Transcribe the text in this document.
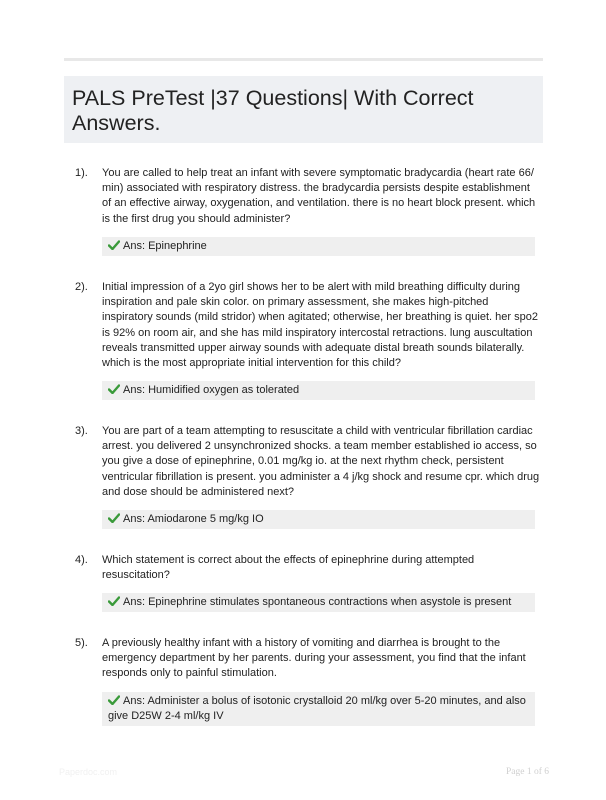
PALS PreTest |37 Questions| With Correct Answers.
1). You are called to help treat an infant with severe symptomatic bradycardia (heart rate 66/ min) associated with respiratory distress. the bradycardia persists despite establishment of an effective airway, oxygenation, and ventilation. there is no heart block present. which is the first drug you should administer?
Ans: Epinephrine
2). Initial impression of a 2yo girl shows her to be alert with mild breathing difficulty during inspiration and pale skin color. on primary assessment, she makes high-pitched inspiratory sounds (mild stridor) when agitated; otherwise, her breathing is quiet. her spo2 is 92% on room air, and she has mild inspiratory intercostal retractions. lung auscultation reveals transmitted upper airway sounds with adequate distal breath sounds bilaterally. which is the most appropriate initial intervention for this child?
Ans: Humidified oxygen as tolerated
3). You are part of a team attempting to resuscitate a child with ventricular fibrillation cardiac arrest. you delivered 2 unsynchronized shocks. a team member established io access, so you give a dose of epinephrine, 0.01 mg/kg io. at the next rhythm check, persistent ventricular fibrillation is present. you administer a 4 j/kg shock and resume cpr. which drug and dose should be administered next?
Ans: Amiodarone 5 mg/kg IO
4). Which statement is correct about the effects of epinephrine during attempted resuscitation?
Ans: Epinephrine stimulates spontaneous contractions when asystole is present
5). A previously healthy infant with a history of vomiting and diarrhea is brought to the emergency department by her parents. during your assessment, you find that the infant responds only to painful stimulation.
Ans: Administer a bolus of isotonic crystalloid 20 ml/kg over 5-20 minutes, and also give D25W 2-4 ml/kg IV
Paperdoc.com	Page 1 of 6
